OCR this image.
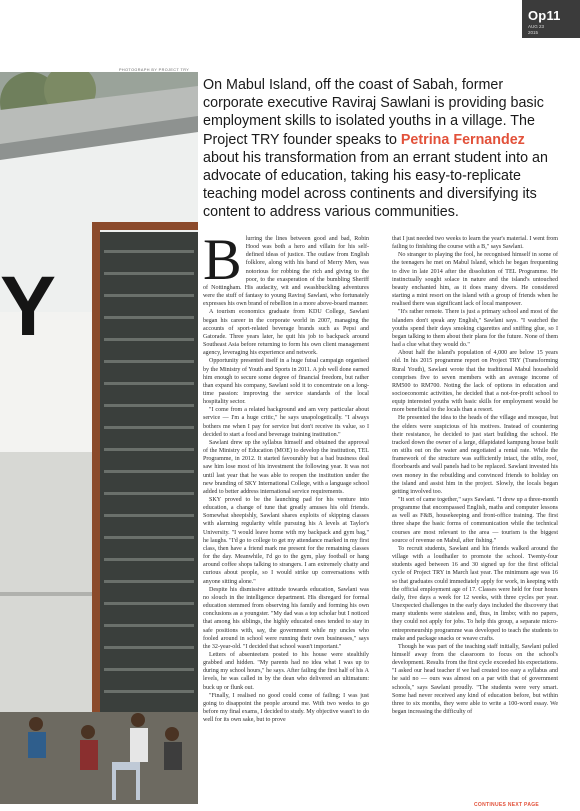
Op11
AUG 23
2015
PHOTOGRAPH BY PROJECT TRY
Y

On Mabul Island, off the coast of Sabah, former corporate executive Raviraj Sawlani is providing basic employment skills to isolated youths in a village. The Project TRY founder speaks to Petrina Fernandez about his transformation from an errant student into an advocate of education, taking his easy-to-replicate teaching model across continents and diversifying its content to address various communities.

Blurring the lines between good and bad, Robin Hood was both a hero and villain for his self-defined ideas of justice. The outlaw from English folklore, along with his band of Merry Men, was notorious for robbing the rich and giving to the poor, to the exasperation of the bumbling Sheriff of Nottingham. His audacity, wit and swashbuckling adventures were the stuff of fantasy to young Raviraj Sawlani, who fortunately expresses his own brand of rebellion in a more above-board manner.

A tourism economics graduate from KDU College, Sawlani began his career in the corporate world in 2007, managing the accounts of sport-related beverage brands such as Pepsi and Gatorade. Three years later, he quit his job to backpack around Southeast Asia before returning to form his own client management agency, leveraging his experience and network.

Opportunity presented itself in a huge futsal campaign organised by the Ministry of Youth and Sports in 2011. A job well done earned him enough to secure some degree of financial freedom, but rather than expand his company, Sawlani sold it to concentrate on a long-time passion: improving the service standards of the local hospitality sector.

"I come from a related background and am very particular about service — I'm a huge critic," he says unapologetically. "I always bothers me when I pay for service but don't receive its value, so I decided to start a food and beverage training institution."

Sawlani drew up the syllabus himself and obtained the approval of the Ministry of Education (MOE) to develop the institution, TEL Programme, in 2012. It started favourably but a bad business deal saw him lose most of his investment the following year. It was not until last year that he was able to reopen the institution under the new branding of SKY International College, with a language school added to better address international service requirements.

SKY proved to be the launching pad for his venture into education, a change of tune that greatly amuses his old friends. Somewhat sheepishly, Sawlani shares exploits of skipping classes with alarming regularity while pursuing his A levels at Taylor's University. "I would leave home with my backpack and gym bag," he laughs. "I'd go to college to get my attendance marked in my first class, then have a friend mark me present for the remaining classes for the day. Meanwhile, I'd go to the gym, play football or hang around coffee shops talking to strangers. I am extremely chatty and curious about people, so I would strike up conversations with anyone sitting alone."

Despite his dismissive attitude towards education, Sawlani was no slouch in the intelligence department. His disregard for formal education stemmed from observing his family and forming his own conclusions as a youngster. "My dad was a top scholar but I noticed that among his siblings, the highly educated ones tended to stay in safe positions with, say, the government while my uncles who fooled around in school were running their own businesses," says the 32-year-old. "I decided that school wasn't important."

Letters of absenteeism posted to his house were stealthily grabbed and hidden. "My parents had no idea what I was up to during my school hours," he says. After failing the first half of his A levels, he was called in by the dean who delivered an ultimatum: buck up or flunk out.

"Finally, I realised no good could come of failing; I was just going to disappoint the people around me. With two weeks to go before my final exams, I decided to study. My objective wasn't to do well for its own sake, but to prove

that I just needed two weeks to learn the year's material. I went from failing to finishing the course with a B," says Sawlani.

No stranger to playing the fool, he recognised himself in some of the teenagers he met on Mabul Island, which he began frequenting to dive in late 2014 after the dissolution of TEL Programme. He instinctually sought solace in nature and the island's untouched beauty enchanted him, as it does many divers. He considered starting a mini resort on the island with a group of friends when he realised there was significant lack of local manpower.

"It's rather remote. There is just a primary school and most of the islanders don't speak any English," Sawlani says. "I watched the youths spend their days smoking cigarettes and sniffing glue, so I began talking to them about their plans for the future. None of them had a clue what they would do."

About half the island's population of 4,000 are below 15 years old. In his 2015 programme report on Project TRY (Transforming Rural Youth), Sawlani wrote that the traditional Mabul household comprises five to seven members with an average income of RM500 to RM700. Noting the lack of options in education and socioeconomic activities, he decided that a not-for-profit school to equip interested youths with basic skills for employment would be more beneficial to the locals than a resort.

He presented the idea to the heads of the village and mosque, but the elders were suspicious of his motives. Instead of countering their resistance, he decided to just start building the school. He tracked down the owner of a large, dilapidated kampung house built on stilts out on the water and negotiated a rental rate. While the framework of the structure was sufficiently intact, the stilts, roof, floorboards and wall panels had to be replaced. Sawlani invested his own money in the rebuilding and convinced friends to holiday on the island and assist him in the project. Slowly, the locals began getting involved too.

"It sort of came together," says Sawlani. "I drew up a three-month programme that encompassed English, maths and computer lessons as well as F&B, housekeeping and front-office training. The first three shape the basic forms of communication while the technical courses are most relevant to the area — tourism is the biggest source of revenue on Mabul, after fishing."

To recruit students, Sawlani and his friends walked around the village with a loudhailer to promote the school. Twenty-four students aged between 16 and 30 signed up for the first official cycle of Project TRY in March last year. The minimum age was 16 so that graduates could immediately apply for work, in keeping with the official employment age of 17. Classes were held for four hours daily, five days a week for 12 weeks, with three cycles per year. Unexpected challenges in the early days included the discovery that many students were stateless and, thus, in limbo; with no papers, they could not apply for jobs. To help this group, a separate micro-entrepreneurship programme was developed to teach the students to make and package snacks or weave crafts.

Though he was part of the teaching staff initially, Sawlani pulled himself away from the classroom to focus on the school's development. Results from the first cycle exceeded his expectations. "I asked our head teacher if we had created too easy a syllabus and he said no — ours was almost on a par with that of government schools," says Sawlani proudly. "The students were very smart. Some had never received any kind of education before, but within three to six months, they were able to write a 100-word essay. We began increasing the difficulty of

CONTINUES NEXT PAGE
